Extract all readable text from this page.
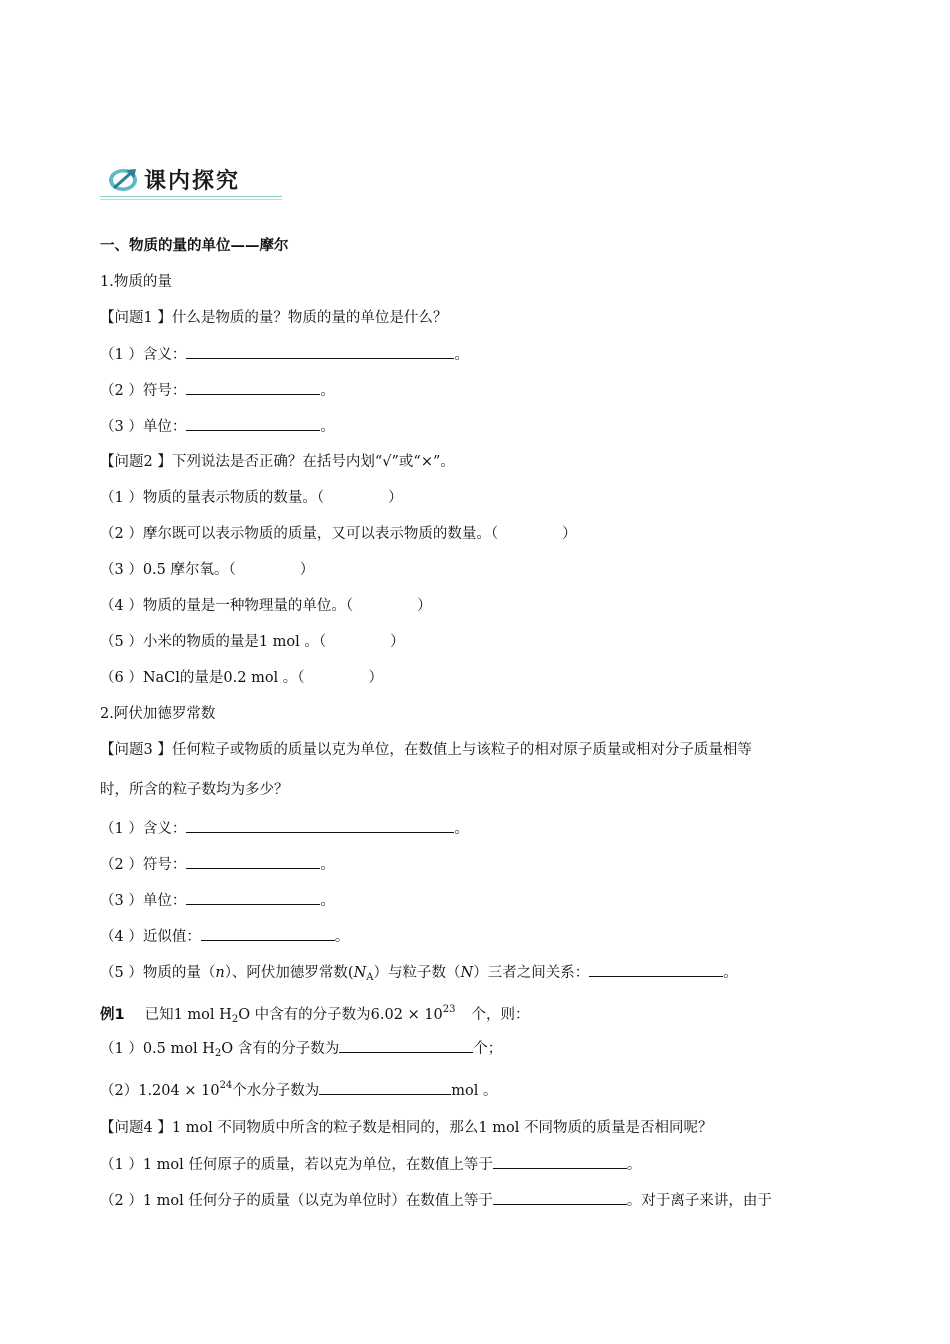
课内探究
一、物质的量的单位——摩尔
1.物质的量
【问题1 】什么是物质的量？物质的量的单位是什么？
（1 ）含义：	。
（2 ）符号：	。
（3 ）单位：	。
【问题2 】下列说法是否正确？在括号内划“√”或“×”。
（1 ）物质的量表示物质的数量。（	）
（2 ）摩尔既可以表示物质的质量，又可以表示物质的数量。（	）
（3 ）0.5 摩尔氧。（	）
（4 ）物质的量是一种物理量的单位。（	）
（5 ）小米的物质的量是1 mol 。（	）
（6 ）NaCl的量是0.2 mol 。（	）
2.阿伏加德罗常数
【问题3 】任何粒子或物质的质量以克为单位，在数值上与该粒子的相对原子质量或相对分子质量相等
时，所含的粒子数均为多少？
（1 ）含义：	。
（2 ）符号：	。
（3 ）单位：	。
（4 ）近似值：	。
（5 ）物质的量（n）、阿伏加德罗常数$(N_A)$与粒子数（N）三者之间关系：	。
例1 已知1 mol $H_2O$ 中含有的分子数为$6.02 \times 10^{23}$ 个，则：
（1 ）0.5 mol $H_2O$ 含有的分子数为	个；
$(2)1.204 \times 10^{24}$个水分子数为	mol 。
【问题4 】1 mol 不同物质中所含的粒子数是相同的，那么1 mol 不同物质的质量是否相同呢？
（1 ）1 mol 任何原子的质量，若以克为单位，在数值上等于	。
（2 ）1 mol 任何分子的质量（以克为单位时）在数值上等于	。对于离子来讲，由于
